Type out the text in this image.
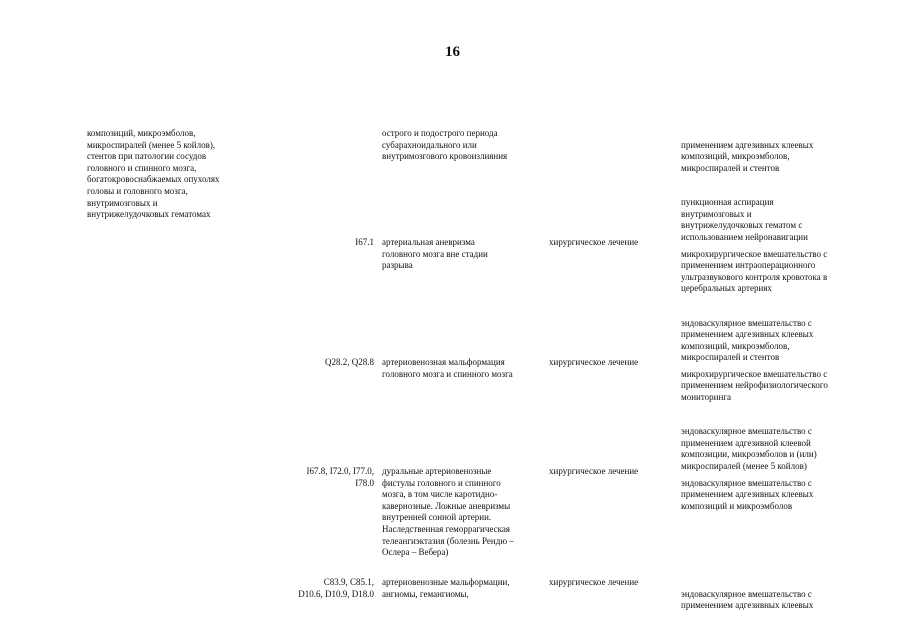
16
композиций, микроэмболов,
микроспиралей (менее 5 койлов),
стентов при патологии сосудов
головного и спинного мозга,
богатокровоснабжаемых опухолях
головы и головного мозга,
внутримозговых и
внутрижелудочковых гематомах
острого и подострого периода
субарахноидального или
внутримозгового кровоизлияния

применением адгезивных клеевых
композиций, микроэмболов,
микроспиралей и стентов

пункционная аспирация
внутримозговых и
внутрижелудочковых гематом с
использованием нейронавигации

I67.1 артериальная аневризма
головного мозга вне стадии
разрыва
хирургическое лечение

микрохирургическое вмешательство с
применением интраоперационного
ультразвукового контроля кровотока в
церебральных артериях

эндоваскулярное вмешательство с
применением адгезивных клеевых
композиций, микроэмболов,
микроспиралей и стентов

Q28.2, Q28.8 артериовенозная мальформация
головного мозга и спинного мозга
хирургическое лечение

микрохирургическое вмешательство с
применением нейрофизиологического
мониторинга

эндоваскулярное вмешательство с
применением адгезивной клеевой
композиции, микроэмболов и (или)
микроспиралей (менее 5 койлов)

I67.8, I72.0, I77.0,
I78.0
дуральные артериовенозные
фистулы головного и спинного
мозга, в том числе каротидно-
кавернозные. Ложные аневризмы
внутренней сонной артерии.
Наследственная геморрагическая
телеангиэктазия (болезнь Рендю –
Ослера – Вебера)
хирургическое лечение

эндоваскулярное вмешательство с
применением адгезивных клеевых
композиций и микроэмболов

C83.9, C85.1,
D10.6, D10.9, D18.0
артериовенозные мальформации,
ангиомы, гемангиомы,
хирургическое лечение

эндоваскулярное вмешательство с
применением адгезивных клеевых
